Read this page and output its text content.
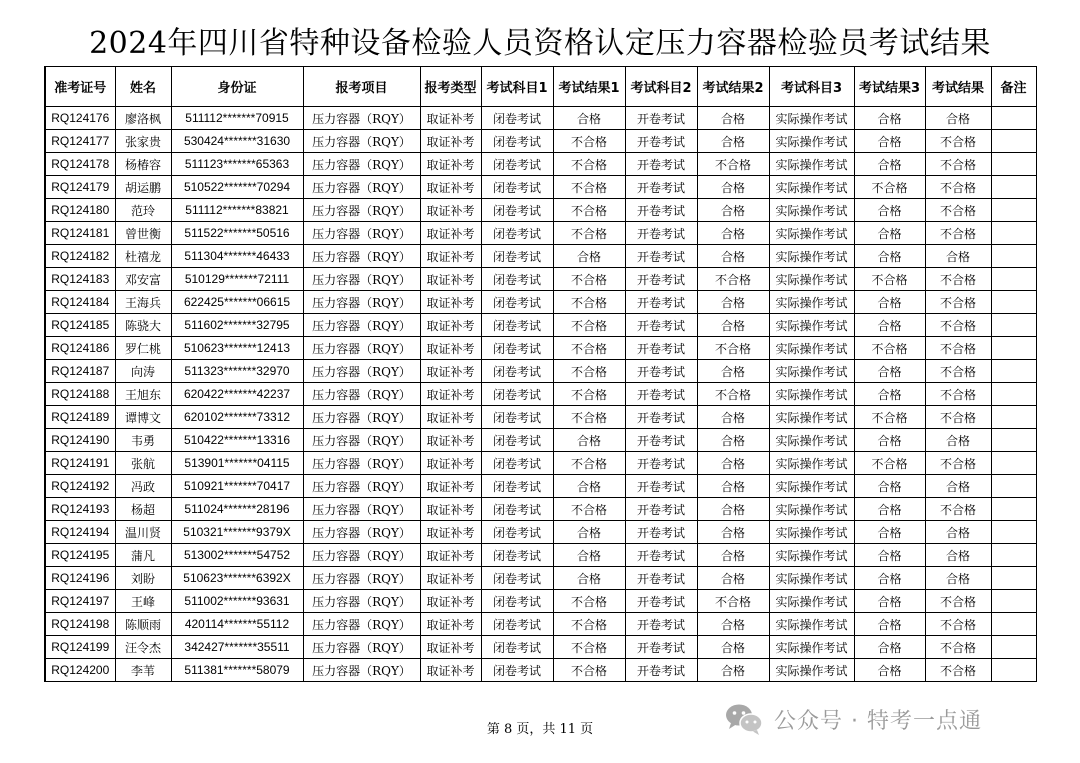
2024年四川省特种设备检验人员资格认定压力容器检验员考试结果
准考证号	姓名	身份证	报考项目	报考类型	考试科目1	考试结果1	考试科目2	考试结果2	考试科目3	考试结果3	考试结果	备注
RQ124176	廖洛枫	511112*******70915	压力容器（RQY）	取证补考	闭卷考试	合格	开卷考试	合格	实际操作考试	合格	合格	
RQ124177	张家贵	530424*******31630	压力容器（RQY）	取证补考	闭卷考试	不合格	开卷考试	合格	实际操作考试	合格	不合格	
RQ124178	杨椿容	511123*******65363	压力容器（RQY）	取证补考	闭卷考试	不合格	开卷考试	不合格	实际操作考试	合格	不合格	
RQ124179	胡运鹏	510522*******70294	压力容器（RQY）	取证补考	闭卷考试	不合格	开卷考试	合格	实际操作考试	不合格	不合格	
RQ124180	范玲	511112*******83821	压力容器（RQY）	取证补考	闭卷考试	不合格	开卷考试	合格	实际操作考试	合格	不合格	
RQ124181	曾世衡	511522*******50516	压力容器（RQY）	取证补考	闭卷考试	不合格	开卷考试	合格	实际操作考试	合格	不合格	
RQ124182	杜禧龙	511304*******46433	压力容器（RQY）	取证补考	闭卷考试	合格	开卷考试	合格	实际操作考试	合格	合格	
RQ124183	邓安富	510129*******72111	压力容器（RQY）	取证补考	闭卷考试	不合格	开卷考试	不合格	实际操作考试	不合格	不合格	
RQ124184	王海兵	622425*******06615	压力容器（RQY）	取证补考	闭卷考试	不合格	开卷考试	合格	实际操作考试	合格	不合格	
RQ124185	陈骁大	511602*******32795	压力容器（RQY）	取证补考	闭卷考试	不合格	开卷考试	合格	实际操作考试	合格	不合格	
RQ124186	罗仁桃	510623*******12413	压力容器（RQY）	取证补考	闭卷考试	不合格	开卷考试	不合格	实际操作考试	不合格	不合格	
RQ124187	向涛	511323*******32970	压力容器（RQY）	取证补考	闭卷考试	不合格	开卷考试	合格	实际操作考试	合格	不合格	
RQ124188	王旭东	620422*******42237	压力容器（RQY）	取证补考	闭卷考试	不合格	开卷考试	不合格	实际操作考试	合格	不合格	
RQ124189	谭博文	620102*******73312	压力容器（RQY）	取证补考	闭卷考试	不合格	开卷考试	合格	实际操作考试	不合格	不合格	
RQ124190	韦勇	510422*******13316	压力容器（RQY）	取证补考	闭卷考试	合格	开卷考试	合格	实际操作考试	合格	合格	
RQ124191	张航	513901*******04115	压力容器（RQY）	取证补考	闭卷考试	不合格	开卷考试	合格	实际操作考试	不合格	不合格	
RQ124192	冯政	510921*******70417	压力容器（RQY）	取证补考	闭卷考试	合格	开卷考试	合格	实际操作考试	合格	合格	
RQ124193	杨超	511024*******28196	压力容器（RQY）	取证补考	闭卷考试	不合格	开卷考试	合格	实际操作考试	合格	不合格	
RQ124194	温川贤	510321*******9379X	压力容器（RQY）	取证补考	闭卷考试	合格	开卷考试	合格	实际操作考试	合格	合格	
RQ124195	蒲凡	513002*******54752	压力容器（RQY）	取证补考	闭卷考试	合格	开卷考试	合格	实际操作考试	合格	合格	
RQ124196	刘盼	510623*******6392X	压力容器（RQY）	取证补考	闭卷考试	合格	开卷考试	合格	实际操作考试	合格	合格	
RQ124197	王峰	511002*******93631	压力容器（RQY）	取证补考	闭卷考试	不合格	开卷考试	不合格	实际操作考试	合格	不合格	
RQ124198	陈顺雨	420114*******55112	压力容器（RQY）	取证补考	闭卷考试	不合格	开卷考试	合格	实际操作考试	合格	不合格	
RQ124199	汪令杰	342427*******35511	压力容器（RQY）	取证补考	闭卷考试	不合格	开卷考试	合格	实际操作考试	合格	不合格	
RQ124200	李苇	511381*******58079	压力容器（RQY）	取证补考	闭卷考试	不合格	开卷考试	合格	实际操作考试	合格	不合格	
第 8 页，共 11 页	公众号 · 特考一点通
